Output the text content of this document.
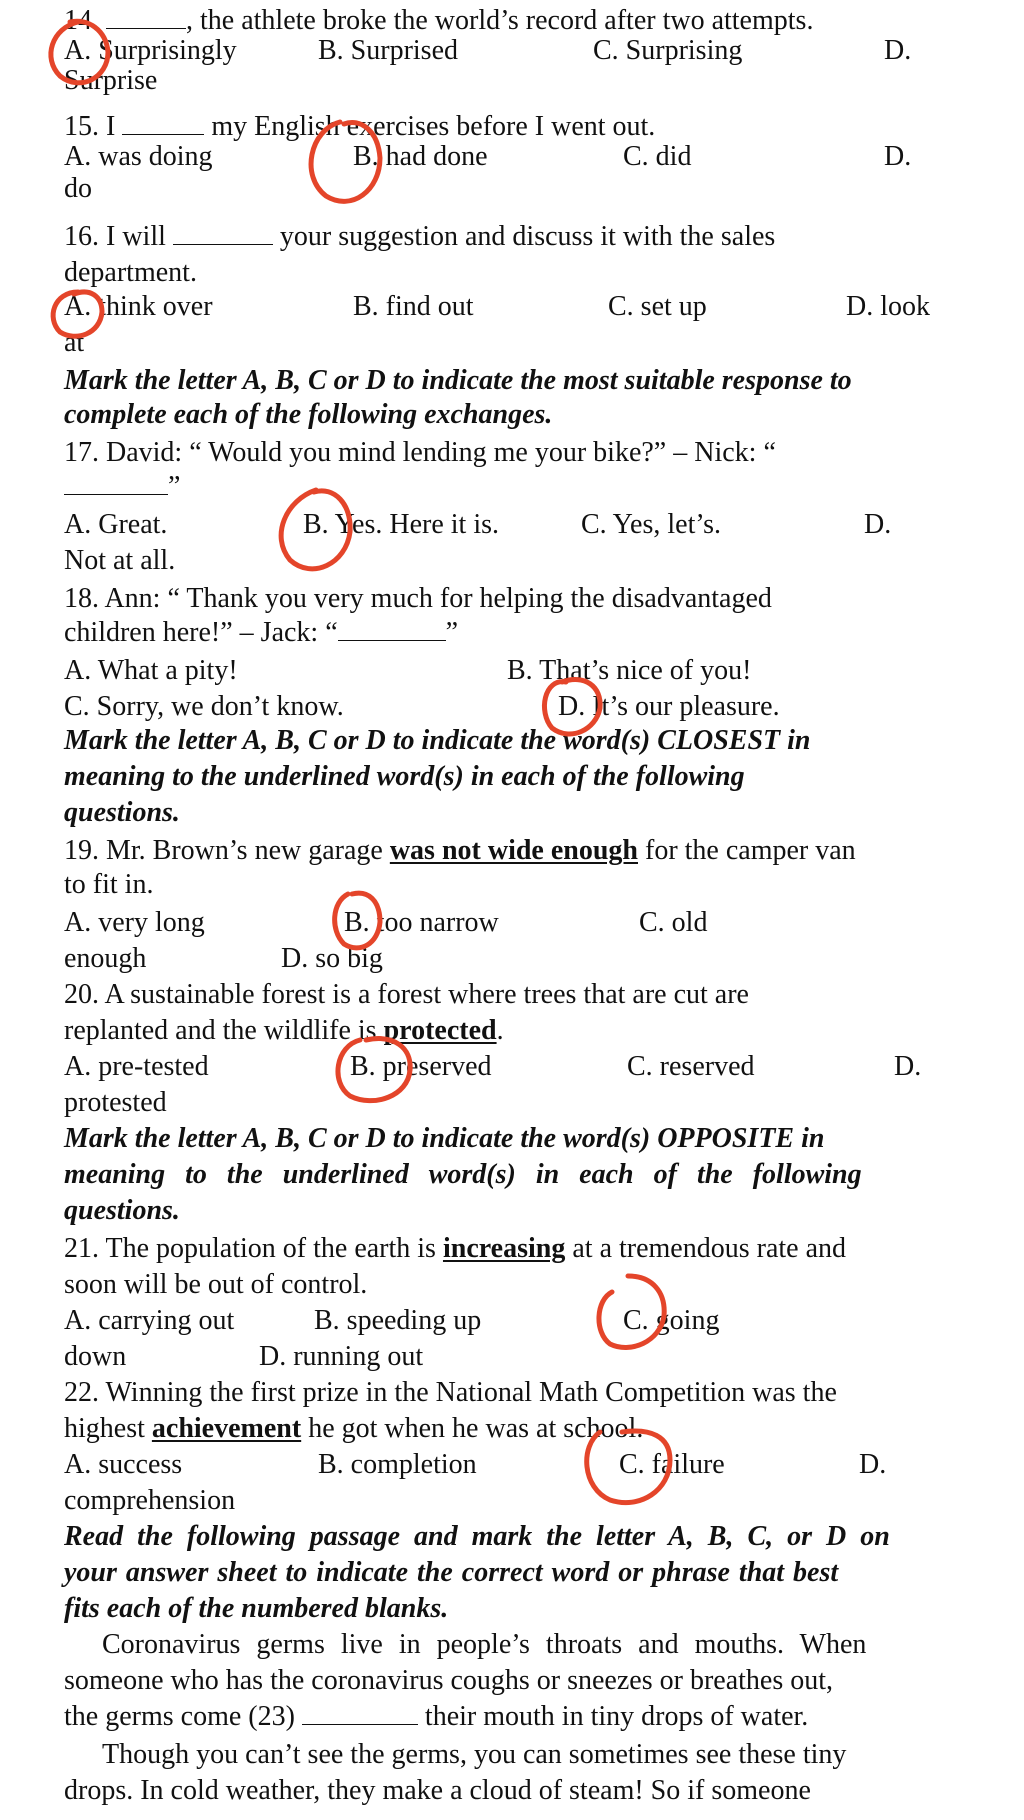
14.	, the athlete broke the world’s record after two attempts.
A. Surprisingly	B. Surprised	C. Surprising	D.
Surprise
15. I	my English exercises before I went out.
A. was doing	B. had done	C. did	D.
do
16. I will	your suggestion and discuss it with the sales
department.
A. think over	B. find out	C. set up	D. look
at
Mark the letter A, B, C or D to indicate the most suitable response to
complete each of the following exchanges.
17. David: “ Would you mind lending me your bike?” – Nick: “
”
A. Great.	B. Yes. Here it is.	C. Yes, let’s.	D.
Not at all.
18. Ann: “ Thank you very much for helping the disadvantaged
children here!” – Jack: “	”
A. What a pity!	B. That’s nice of you!
C. Sorry, we don’t know.	D. It’s our pleasure.
Mark the letter A, B, C or D to indicate the word(s) CLOSEST in
meaning to the underlined word(s) in each of the following
questions.
19. Mr. Brown’s new garage was not wide enough for the camper van
to fit in.
A. very long	B. too narrow	C. old
enough	D. so big
20. A sustainable forest is a forest where trees that are cut are
replanted and the wildlife is protected.
A. pre-tested	B. preserved	C. reserved	D.
protested
Mark the letter A, B, C or D to indicate the word(s) OPPOSITE in
meaning to the underlined word(s) in each of the following
questions.
21. The population of the earth is increasing at a tremendous rate and
soon will be out of control.
A. carrying out	B. speeding up	C. going
down	D. running out
22. Winning the first prize in the National Math Competition was the
highest achievement he got when he was at school.
A. success	B. completion	C. failure	D.
comprehension
Read the following passage and mark the letter A, B, C, or D on
your answer sheet to indicate the correct word or phrase that best
fits each of the numbered blanks.
Coronavirus germs live in people’s throats and mouths. When
someone who has the coronavirus coughs or sneezes or breathes out,
the germs come (23)	their mouth in tiny drops of water.
Though you can’t see the germs, you can sometimes see these tiny
drops. In cold weather, they make a cloud of steam! So if someone
